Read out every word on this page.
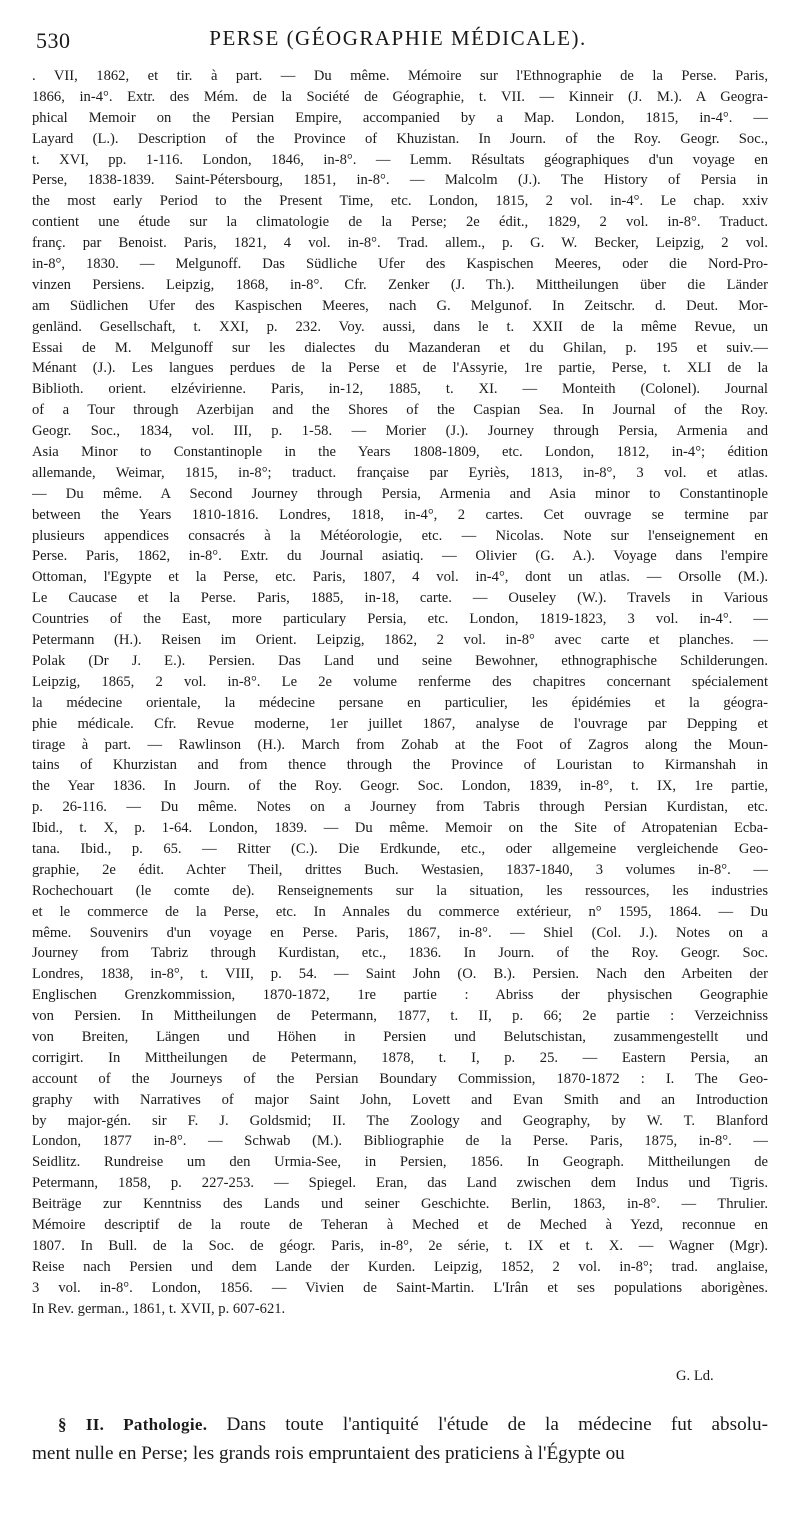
530	PERSE (GÉOGRAPHIE MÉDICALE).
. VII, 1862, et tir. à part. — Du même. Mémoire sur l'Ethnographie de la Perse. Paris,
1866, in-4°. Extr. des Mém. de la Société de Géographie, t. VII. — Kinneir (J. M.). A Geogra-
phical Memoir on the Persian Empire, accompanied by a Map. London, 1815, in-4°. —
Layard (L.). Description of the Province of Khuzistan. In Journ. of the Roy. Geogr. Soc.,
t. XVI, pp. 1-116. London, 1846, in-8°. — Lemm. Résultats géographiques d'un voyage en
Perse, 1838-1839. Saint-Pétersbourg, 1851, in-8°. — Malcolm (J.). The History of Persia in
the most early Period to the Present Time, etc. London, 1815, 2 vol. in-4°. Le chap. xxiv
contient une étude sur la climatologie de la Perse; 2e édit., 1829, 2 vol. in-8°. Traduct.
franç. par Benoist. Paris, 1821, 4 vol. in-8°. Trad. allem., p. G. W. Becker, Leipzig, 2 vol.
in-8°, 1830. — Melgunoff. Das Südliche Ufer des Kaspischen Meeres, oder die Nord-Pro-
vinzen Persiens. Leipzig, 1868, in-8°. Cfr. Zenker (J. Th.). Mittheilungen über die Länder
am Südlichen Ufer des Kaspischen Meeres, nach G. Melgunof. In Zeitschr. d. Deut. Mor-
genländ. Gesellschaft, t. XXI, p. 232. Voy. aussi, dans le t. XXII de la même Revue, un
Essai de M. Melgunoff sur les dialectes du Mazanderan et du Ghilan, p. 195 et suiv.—
Ménant (J.). Les langues perdues de la Perse et de l'Assyrie, 1re partie, Perse, t. XLI de la
Biblioth. orient. elzévirienne. Paris, in-12, 1885, t. XI. — Monteith (Colonel). Journal
of a Tour through Azerbijan and the Shores of the Caspian Sea. In Journal of the Roy.
Geogr. Soc., 1834, vol. III, p. 1-58. — Morier (J.). Journey through Persia, Armenia and
Asia Minor to Constantinople in the Years 1808-1809, etc. London, 1812, in-4°; édition
allemande, Weimar, 1815, in-8°; traduct. française par Eyriès, 1813, in-8°, 3 vol. et atlas.
— Du même. A Second Journey through Persia, Armenia and Asia minor to Constantinople
between the Years 1810-1816. Londres, 1818, in-4°, 2 cartes. Cet ouvrage se termine par
plusieurs appendices consacrés à la Météorologie, etc. — Nicolas. Note sur l'enseignement en
Perse. Paris, 1862, in-8°. Extr. du Journal asiatiq. — Olivier (G. A.). Voyage dans l'empire
Ottoman, l'Egypte et la Perse, etc. Paris, 1807, 4 vol. in-4°, dont un atlas. — Orsolle (M.).
Le Caucase et la Perse. Paris, 1885, in-18, carte. — Ouseley (W.). Travels in Various
Countries of the East, more particulary Persia, etc. London, 1819-1823, 3 vol. in-4°. —
Petermann (H.). Reisen im Orient. Leipzig, 1862, 2 vol. in-8° avec carte et planches. —
Polak (Dr J. E.). Persien. Das Land und seine Bewohner, ethnographische Schilderungen.
Leipzig, 1865, 2 vol. in-8°. Le 2e volume renferme des chapitres concernant spécialement
la médecine orientale, la médecine persane en particulier, les épidémies et la géogra-
phie médicale. Cfr. Revue moderne, 1er juillet 1867, analyse de l'ouvrage par Depping et
tirage à part. — Rawlinson (H.). March from Zohab at the Foot of Zagros along the Moun-
tains of Khurzistan and from thence through the Province of Louristan to Kirmanshah in
the Year 1836. In Journ. of the Roy. Geogr. Soc. London, 1839, in-8°, t. IX, 1re partie,
p. 26-116. — Du même. Notes on a Journey from Tabris through Persian Kurdistan, etc.
Ibid., t. X, p. 1-64. London, 1839. — Du même. Memoir on the Site of Atropatenian Ecba-
tana. Ibid., p. 65. — Ritter (C.). Die Erdkunde, etc., oder allgemeine vergleichende Geo-
graphie, 2e édit. Achter Theil, drittes Buch. Westasien, 1837-1840, 3 volumes in-8°. —
Rochechouart (le comte de). Renseignements sur la situation, les ressources, les industries
et le commerce de la Perse, etc. In Annales du commerce extérieur, n° 1595, 1864. — Du
même. Souvenirs d'un voyage en Perse. Paris, 1867, in-8°. — Shiel (Col. J.). Notes on a
Journey from Tabriz through Kurdistan, etc., 1836. In Journ. of the Roy. Geogr. Soc.
Londres, 1838, in-8°, t. VIII, p. 54. — Saint John (O. B.). Persien. Nach den Arbeiten der
Englischen Grenzkommission, 1870-1872, 1re partie : Abriss der physischen Geographie
von Persien. In Mittheilungen de Petermann, 1877, t. II, p. 66; 2e partie : Verzeichniss
von Breiten, Längen und Höhen in Persien und Belutschistan, zusammengestellt und
corrigirt. In Mittheilungen de Petermann, 1878, t. I, p. 25. — Eastern Persia, an
account of the Journeys of the Persian Boundary Commission, 1870-1872 : I. The Geo-
graphy with Narratives of major Saint John, Lovett and Evan Smith and an Introduction
by major-gén. sir F. J. Goldsmid; II. The Zoology and Geography, by W. T. Blanford
London, 1877 in-8°. — Schwab (M.). Bibliographie de la Perse. Paris, 1875, in-8°. —
Seidlitz. Rundreise um den Urmia-See, in Persien, 1856. In Geograph. Mittheilungen de
Petermann, 1858, p. 227-253. — Spiegel. Eran, das Land zwischen dem Indus und Tigris.
Beiträge zur Kenntniss des Lands und seiner Geschichte. Berlin, 1863, in-8°. — Thrulier.
Mémoire descriptif de la route de Teheran à Meched et de Meched à Yezd, reconnue en
1807. In Bull. de la Soc. de géogr. Paris, in-8°, 2e série, t. IX et t. X. — Wagner (Mgr).
Reise nach Persien und dem Lande der Kurden. Leipzig, 1852, 2 vol. in-8°; trad. anglaise,
3 vol. in-8°. London, 1856. — Vivien de Saint-Martin. L'Irân et ses populations aborigènes.
In Rev. german., 1861, t. XVII, p. 607-621.
G. Ld.
§ II. Pathologie. Dans toute l'antiquité l'étude de la médecine fut absolu-
ment nulle en Perse; les grands rois empruntaient des praticiens à l'Égypte ou
